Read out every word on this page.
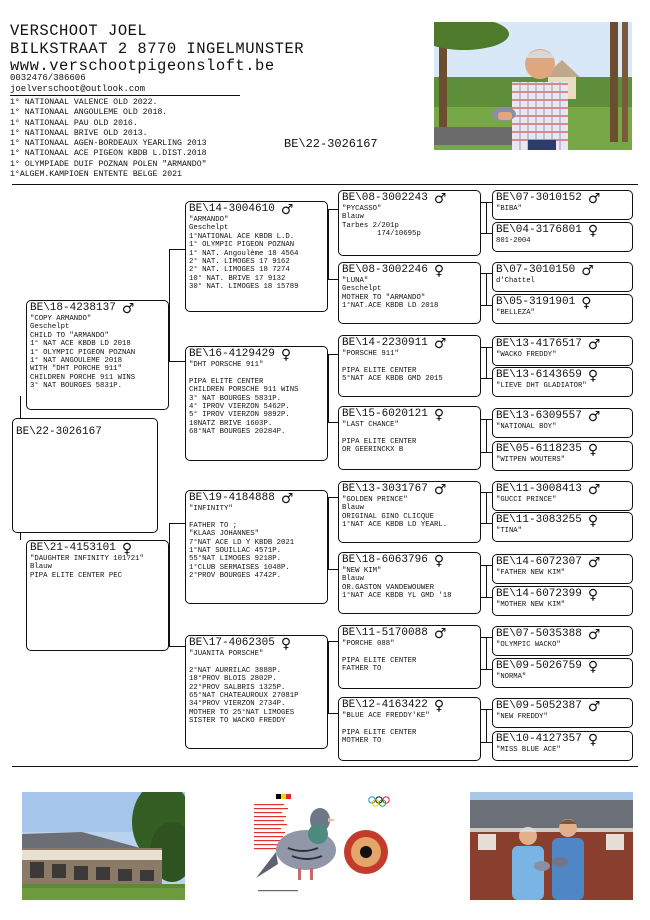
VERSCHOOT JOEL
BILKSTRAAT 2 8770 INGELMUNSTER
www.verschootpigeonsloft.be
0032476/386606
joelverschoot@outlook.com
1° NATIONAAL VALENCE OLD 2022.
1° NATIONAAL ANGOULEME OLD 2018.
1° NATIONAAL PAU OLD 2016.
1° NATIONAAL BRIVE OLD 2013.
1° NATIONAAL AGEN-BORDEAUX YEARLING 2013
1° NATIONAAL ACE PIGEON KBDB L.DIST.2018
1° OLYMPIADE DUIF POZNAN POLEN "ARMANDO"
1°ALGEM.KAMPIOEN ENTENTE BELGE 2021
BE\22-3026167
BE\22-3026167
BE\18-4238137 ♂
"COPY ARMANDO"
Geschelpt
CHILD TO "ARMANDO"
1° NAT ACE KBDB LD 2018
1° OLYMPIC PIGEON POZNAN
1° NAT ANGOULEME 2018
WITH "DHT PORCHE 911"
CHILDREN PORCHE 911 WINS
3° NAT BOURGES 5831P.
BE\21-4153101 ♀
"DAUGHTER INFINITY 101?21"
Blauw
PIPA ELITE CENTER PEC
BE\14-3004610 ♂
"ARMANDO"
Geschelpt
1°NATIONAL ACE KBDB L.D.
1° OLYMPIC PIGEON POZNAN
1° NAT. Angoulème 18 4564
2° NAT. LIMOGES 17 9162
2° NAT. LIMOGES 18 7274
10° NAT. BRIVE 17 9132
30° NAT. LIMOGES 18 15789
BE\16-4129429 ♀
"DHT PORSCHE 911"

PIPA ELITE CENTER
CHILDREN PORSCHE 911 WINS
3° NAT BOURGES 5831P.
4° IPROV VIERZON 5462P.
5° IPROV VIERZON 9892P.
10NATZ BRIVE 1603P.
68°NAT BOURGES 20284P.
BE\19-4184888 ♂
"INFINITY"

FATHER TO ;
"KLAAS JOHANNES"
7°NAT ACE LD Y KBDB 2021
1°NAT SOUILLAC 4571P.
55°NAT LIMOGES 9218P.
1°CLUB SERMAISES 1048P.
2°PROV BOURGES 4742P.
BE\17-4062305 ♀
"JUANITA PORSCHE"

2°NAT AURRILAC 3888P.
18°PROV BLOIS 2802P.
22°PROV SALBRIS 1325P.
65°NAT CHATEAUROUX 27081P
34°PROV VIERZON 2734P.
MOTHER TO 25°NAT LIMOGES
SISTER TO WACKO FREDDY
BE\08-3002243 ♂
"PYCASSO"
Blauw
Tarbes 2/201p
174/10695p
BE\08-3002246 ♀
"LUNA"
Geschelpt
MOTHER TO "ARMANDO"
1°NAT.ACE KBDB LD 2018
BE\14-2230911 ♂
"PORSCHE 911"

PIPA ELITE CENTER
5°NAT ACE KBDB GMD 2015
BE\15-6020121 ♀
"LAST CHANCE"

PIPA ELITE CENTER
OR GEERINCKX B
BE\13-3031767 ♂
"GOLDEN PRINCE"
Blauw
ORIGINAL GINO CLICQUE
1°NAT ACE KBDB LD YEARL.
BE\18-6063796 ♀
"NEW KIM"
Blauw
OR.GASTON VANDEWOUWER
1°NAT ACE KBDB YL GMD '18
BE\11-5170088 ♂
"PORCHE 088"

PIPA ELITE CENTER
FATHER TO
BE\12-4163422 ♀
"BLUE ACE FREDDY'KE"

PIPA ELITE CENTER
MOTHER TO
BE\07-3010152 ♂
"BIBA"
BE\04-3176801 ♀
801-2004
B\07-3010150 ♂
d'Chattel
B\05-3191901 ♀
"BELLEZA"
BE\13-4176517 ♂
"WACKO FREDDY"
BE\13-6143659 ♀
"LIEVE DHT GLADIATOR"
BE\13-6309557 ♂
"NATIONAL BOY"
BE\05-6118235 ♀
"WITPEN WOUTERS"
BE\11-3008413 ♂
"GUCCI PRINCE"
BE\11-3083255 ♀
"TINA"
BE\14-6072307 ♂
"FATHER NEW KIM"
BE\14-6072399 ♀
"MOTHER NEW KIM"
BE\07-5035388 ♂
"OLYMPIC WACKO"
BE\09-5026759 ♀
"NORMA"
BE\09-5052387 ♂
"NEW FREDDY"
BE\10-4127357 ♀
"MISS BLUE ACE"
